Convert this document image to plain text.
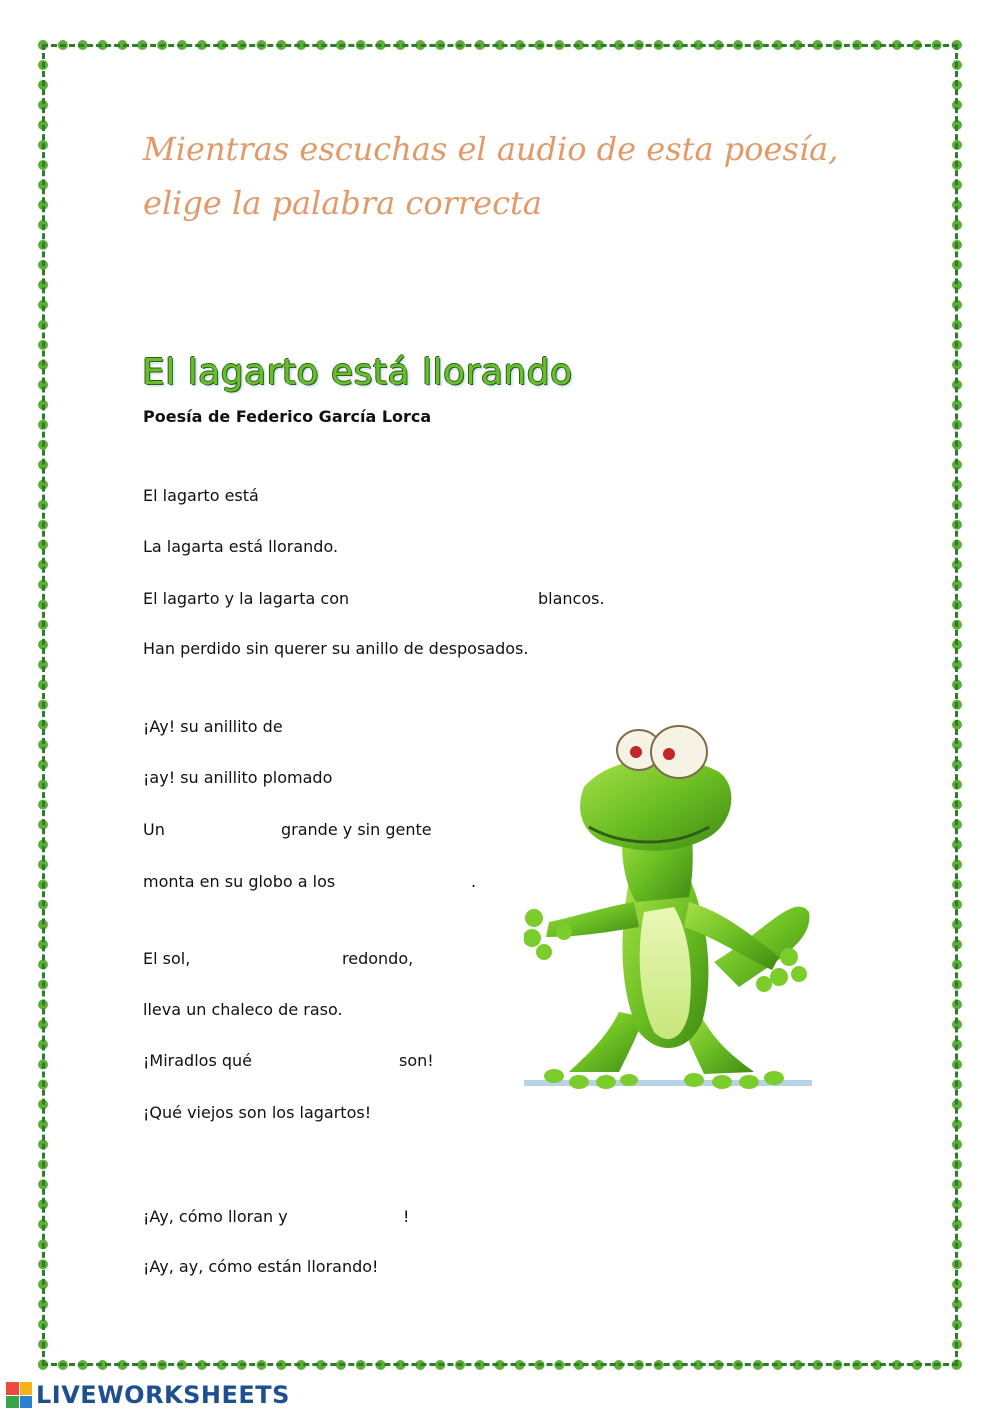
Mientras escuchas el audio de esta poesía,
elige la palabra correcta
El lagarto está llorando

Poesía de Federico García Lorca

El lagarto está
La lagarta está llorando.
El lagarto y la lagarta con	blancos.
Han perdido sin querer su anillo de desposados.
¡Ay! su anillito de
¡ay! su anillito plomado
Un	grande y sin gente
monta en su globo a los	.
El sol,	redondo,
lleva un chaleco de raso.
¡Miradlos qué	son!
¡Qué viejos son los lagartos!
¡Ay, cómo lloran y	!
¡Ay, ay, cómo están llorando!
LIVEWORKSHEETS
